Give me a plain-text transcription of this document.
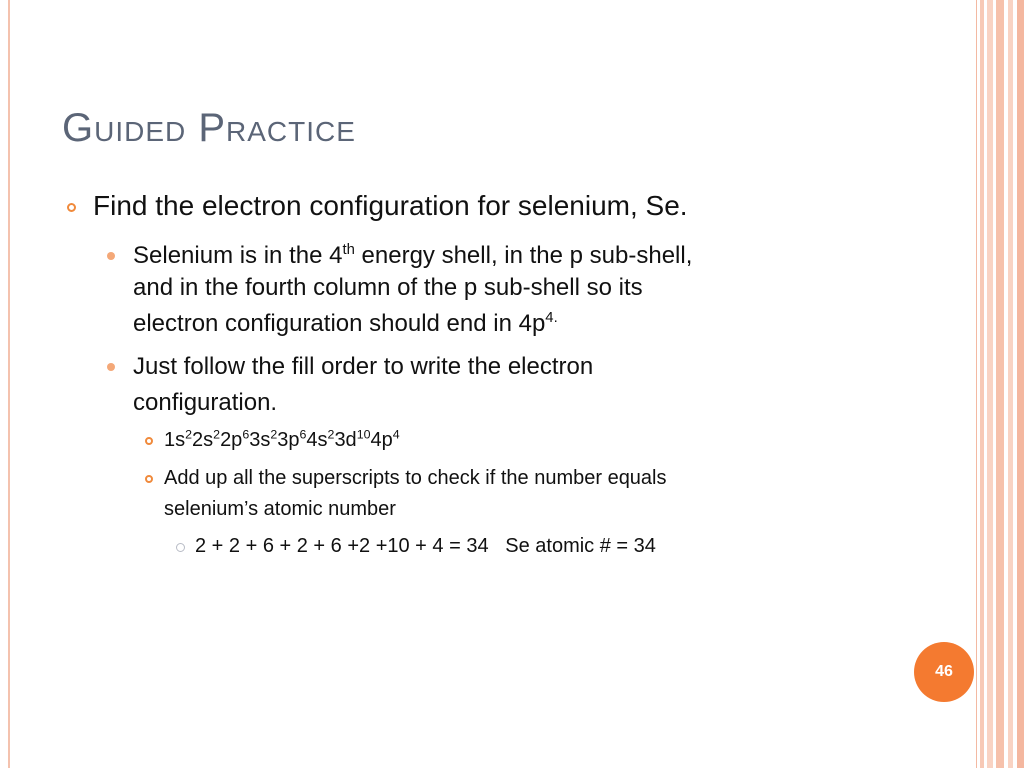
Guided Practice
Find the electron configuration for selenium, Se.
Selenium is in the 4th energy shell, in the p sub-shell,
and in the fourth column of the p sub-shell so its
electron configuration should end in $4p^{4.}$
Just follow the fill order to write the electron
configuration.
$1s^22s^22p^63s^23p^64s^23d^{10}4p^4$
Add up all the superscripts to check if the number equals
selenium’s atomic number
2 + 2 + 6 + 2 + 6 +2 +10 + 4 = 34   Se atomic # = 34
46
